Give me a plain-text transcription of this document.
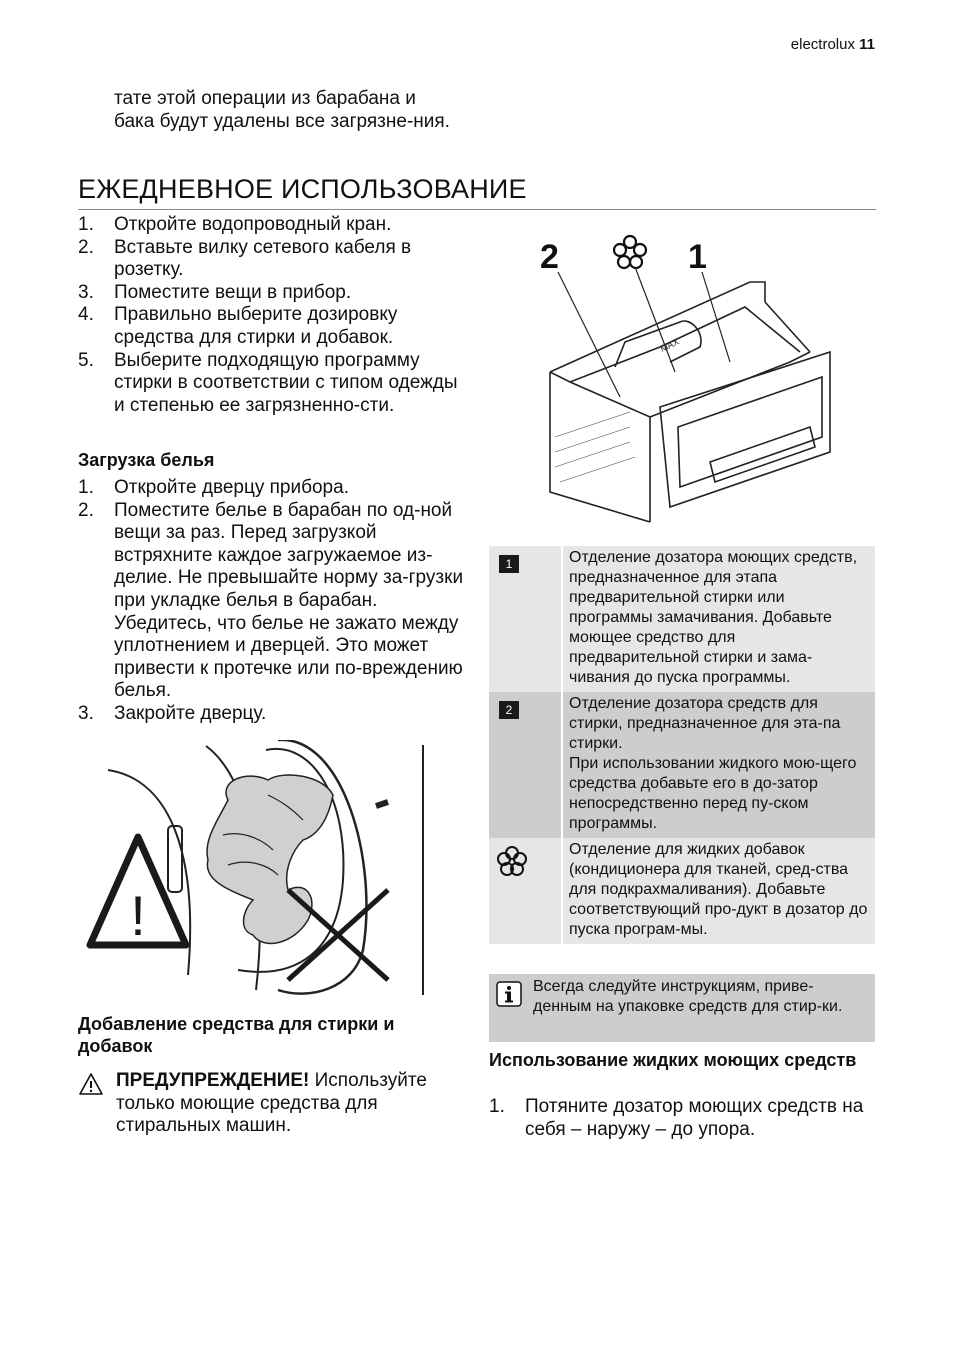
electrolux 11
тате этой операции из барабана и бака будут удалены все загрязне-ния.
ЕЖЕДНЕВНОЕ ИСПОЛЬЗОВАНИЕ
1. Откройте водопроводный кран.
2. Вставьте вилку сетевого кабеля в розетку.
3. Поместите вещи в прибор.
4. Правильно выберите дозировку средства для стирки и добавок.
5. Выберите подходящую программу стирки в соответствии с типом одежды и степенью ее загрязненно-сти.
Загрузка белья
1. Откройте дверцу прибора.
2. Поместите белье в барабан по од-ной вещи за раз. Перед загрузкой встряхните каждое загружаемое из-делие. Не превышайте норму за-грузки при укладке белья в барабан. Убедитесь, что белье не зажато между уплотнением и дверцей. Это может привести к протечке или по-вреждению белья.
3. Закройте дверцу.
!
Добавление средства для стирки и добавок
ПРЕДУПРЕЖДЕНИЕ! Используйте только моющие средства для стиральных машин.
2	1
MAX
1	Отделение дозатора моющих средств, предназначенное для этапа предварительной стирки или программы замачивания. Добавьте моющее средство для предварительной стирки и зама-чивания до пуска программы.
2	Отделение дозатора средств для стирки, предназначенное для эта-па стирки.
При использовании жидкого мою-щего средства добавьте его в до-затор непосредственно перед пу-ском программы.
	Отделение для жидких добавок (кондиционера для тканей, сред-ства для подкрахмаливания). Добавьте соответствующий про-дукт в дозатор до пуска програм-мы.
Всегда следуйте инструкциям, приве-денным на упаковке средств для стир-ки.
Использование жидких моющих средств
1. Потяните дозатор моющих средств на себя – наружу – до упора.
